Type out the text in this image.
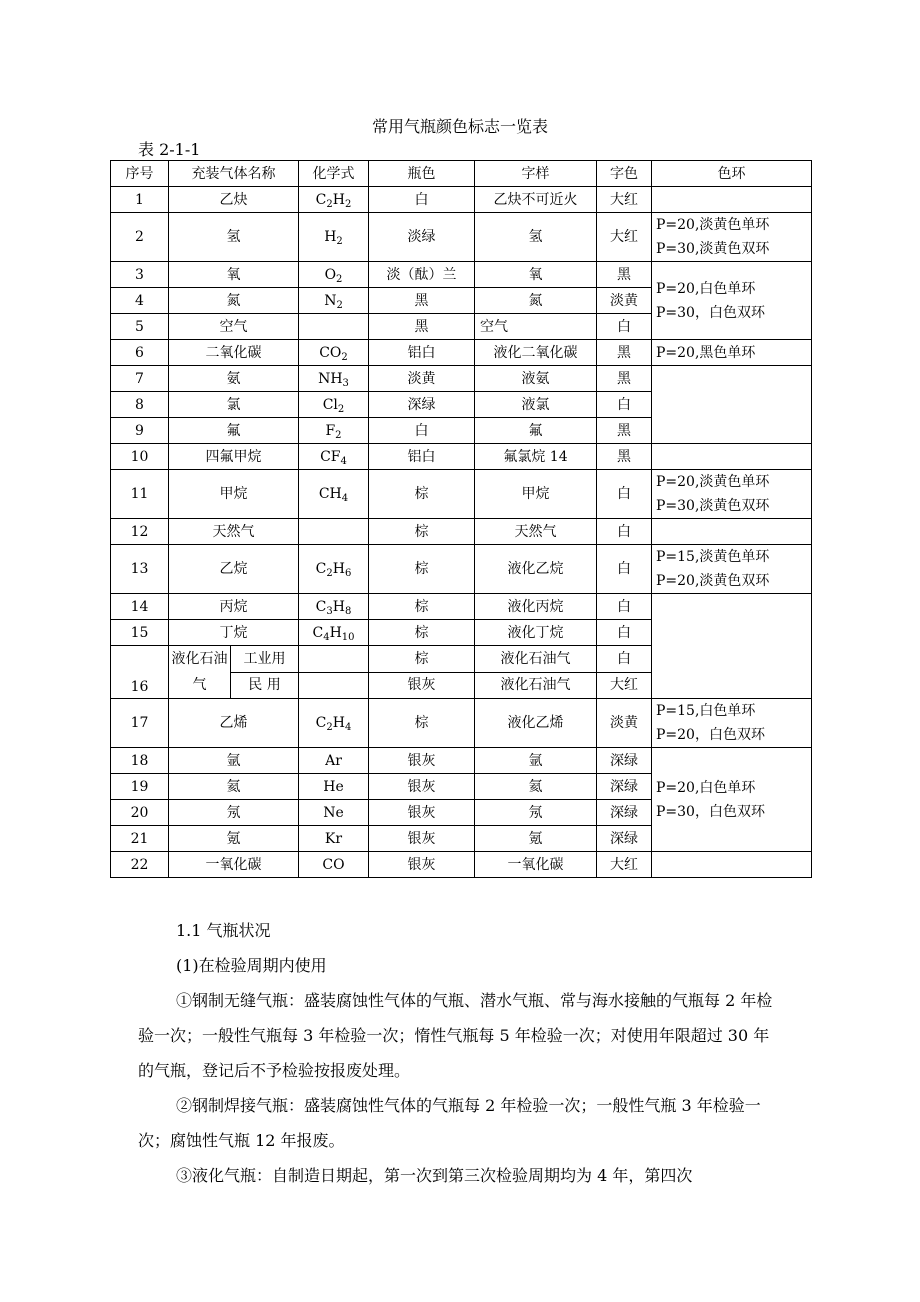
常用气瓶颜色标志一览表
表 2-1-1
序号	充装气体名称		化学式	瓶色	字样	字色	色环
1	乙炔		$C_2H_2$	白	乙炔不可近火	大红	
2	氢		$H_2$	淡绿	氢	大红	P=20,淡黄色单环
P=30,淡黄色双环

3	氧		$O_2$	淡（酞）兰	氧	黑	P=20,白色单环
P=30，白色双环

4	氮		$N_2$	黑	氮	淡黄	
5	空气			黑	空气	白	
6	二氧化碳		$CO_2$	铝白	液化二氧化碳	黑	P=20,黑色单环
7	氨		$NH_3$	淡黄	液氨	黑	
8	氯		$Cl_2$	深绿	液氯	白	
9	氟		$F_2$	白	氟	黑	
10	四氟甲烷		$CF_4$	铝白	氟氯烷 14	黑	
11	甲烷		$CH_4$	棕	甲烷	白	P=20,淡黄色单环
P=30,淡黄色双环

12	天然气			棕	天然气	白	
13	乙烷		$C_2H_6$	棕	液化乙烷	白	P=15,淡黄色单环
P=20,淡黄色双环

14	丙烷		$C_3H_8$	棕	液化丙烷	白	
15	丁烷		$C_4H_{10}$	棕	液化丁烷	白	
16	液化石油气	工业用		棕	液化石油气	白	
		民 用		银灰	液化石油气	大红	
17	乙烯		$C_2H_4$	棕	液化乙烯	淡黄	P=15,白色单环
P=20，白色双环

18	氩		Ar	银灰	氩	深绿	P=20,白色单环
P=30，白色双环

19	氦		He	银灰	氦	深绿	
20	氖		Ne	银灰	氖	深绿	
21	氪		Kr	银灰	氪	深绿	
22	一氧化碳		CO	银灰	一氧化碳	大红	

1.1 气瓶状况

(1)在检验周期内使用

①钢制无缝气瓶：盛装腐蚀性气体的气瓶、潜水气瓶、常与海水接触的气瓶每 2 年检验一次；一般性气瓶每 3 年检验一次；惰性气瓶每 5 年检验一次；对使用年限超过 30 年的气瓶，登记后不予检验按报废处理。

②钢制焊接气瓶：盛装腐蚀性气体的气瓶每 2 年检验一次；一般性气瓶 3 年检验一次；腐蚀性气瓶 12 年报废。

③液化气瓶：自制造日期起，第一次到第三次检验周期均为 4 年，第四次
